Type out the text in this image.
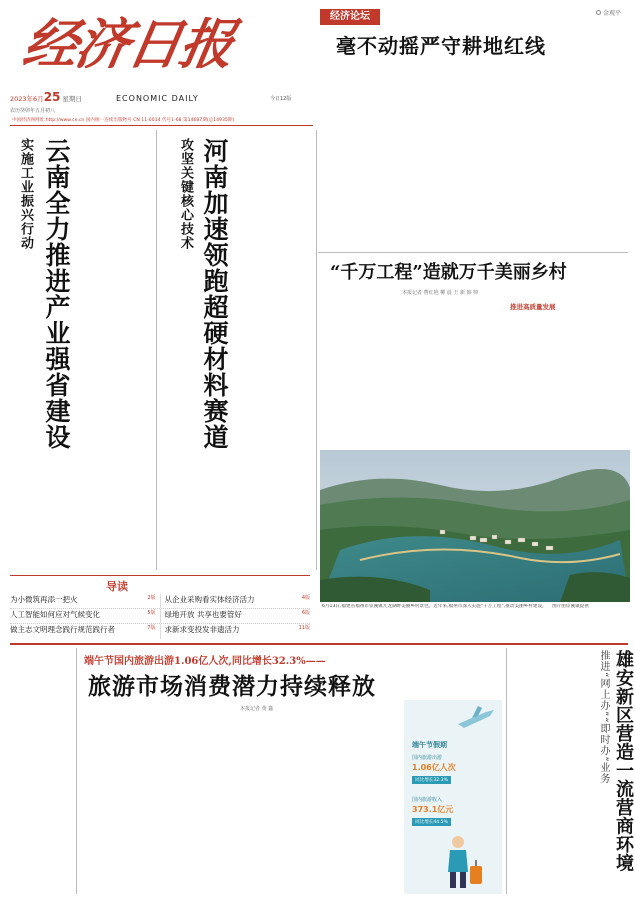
金观平
经济日报
2023年6月25 星期日	ECONOMIC DAILY	今日12版
农历癸卯年五月初八
中国经济网网址:http://www.ce.cn 国内统一连续出版物号 CN 11-0014 代号1-68 第14687期(总14935期)
经济论坛
毫不动摇严守耕地红线
实施工业振兴行动 云南全力推进产业强省建设	攻坚关键核心技术 河南加速领跑超硬材料赛道	“千万工程”造就万千美丽乡村
本报记者 曹红艳 柳 晨 王 新 韩 帅
推进高质量发展
6月13日,福建省福州市宦溪镇九龙湖畔美丽乡村景色。近年来,福州市深入实施“千万工程”,推动美丽乡村建设。 图片由宦溪镇提供
导读
为小微筑再添一把火	2版 从企业采购看实体经济活力	4版
人工智能如何应对气候变化	5版 绿地开放 共享也要管好	6版
做主志文明理念践行规范践行者	7版 求新求变投发非遗活力	11版
端午节国内旅游出游1.06亿人次,同比增长32.3%——
旅游市场消费潜力持续释放
本报记者 黄 鑫
端午节假期
国内旅游出游
1.06亿人次
同比增长32.3%
国内旅游收入
373.1亿元
同比增长44.5%
推进“网上办”“即时办”业务 雄安新区营造一流营商环境
